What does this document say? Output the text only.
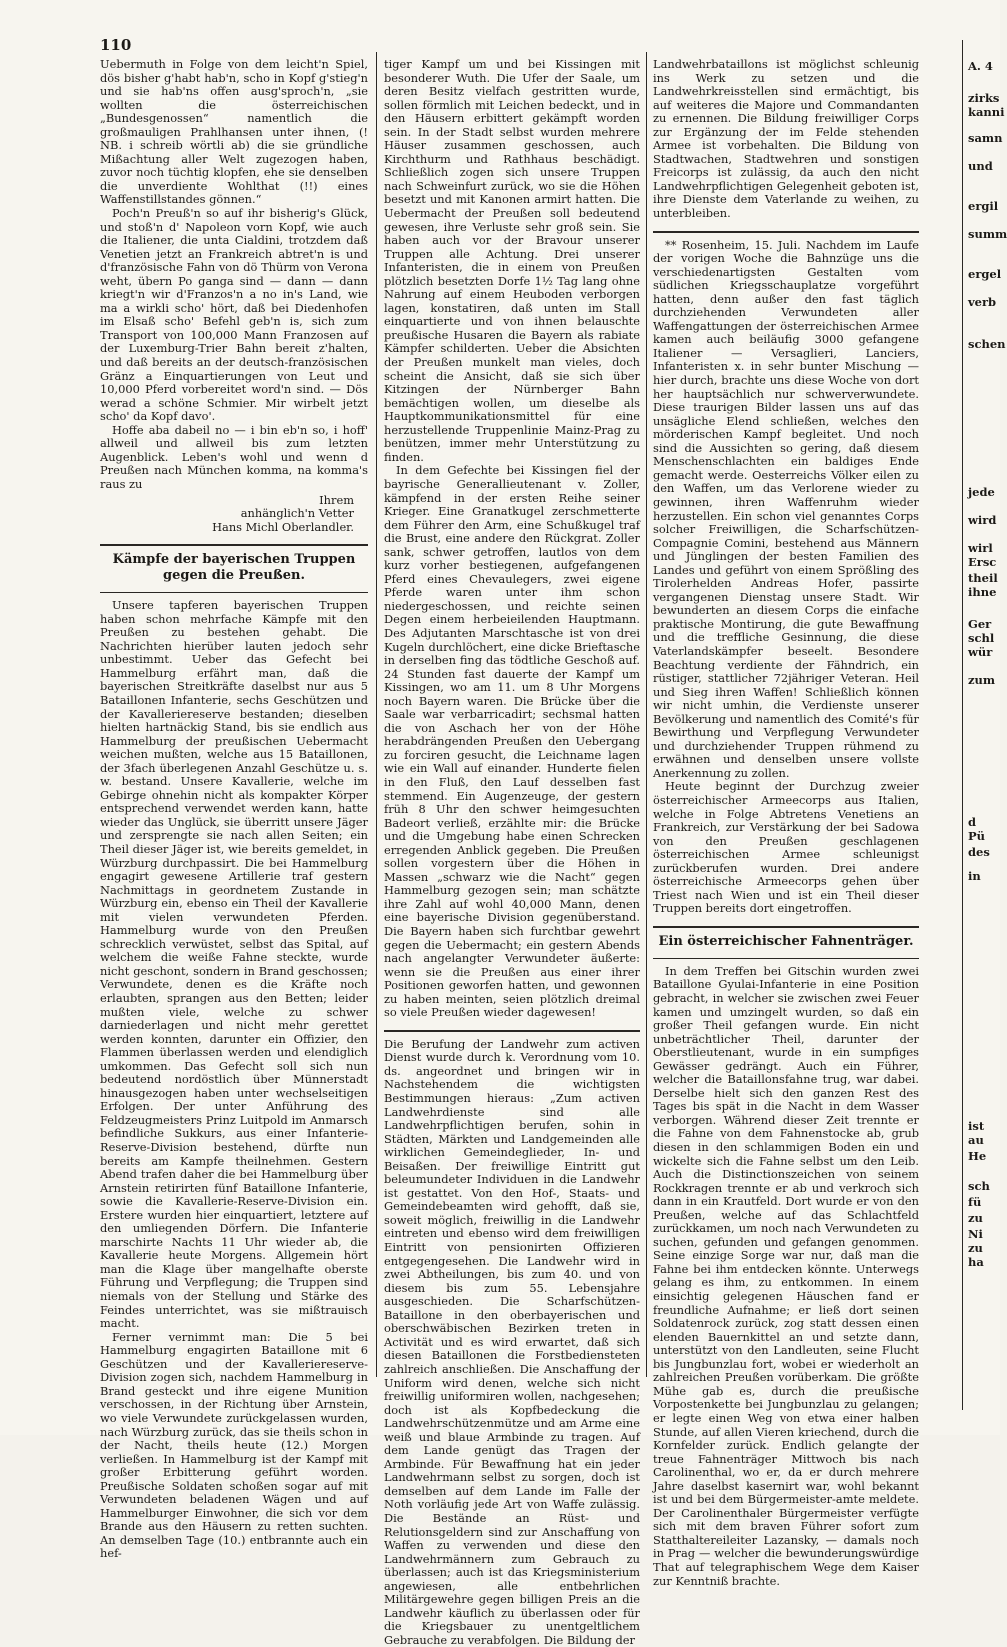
110

Uebermuth in Folge von dem leicht'n Spiel, dös bisher g'habt hab'n, scho in Kopf g'stieg'n und sie hab'ns offen ausg'sproch'n, „sie wollten die österreichischen „Bundesgenossen“ namentlich die großmauligen Prahlhansen unter ihnen, (! NB. i schreib wörtli ab) die sie gründliche Mißachtung aller Welt zugezogen haben, zuvor noch tüchtig klopfen, ehe sie denselben die unverdiente Wohlthat (!!) eines Waffenstillstandes gönnen.“

Poch'n Preuß'n so auf ihr bisherig's Glück, und stoß'n d' Napoleon vorn Kopf, wie auch die Italiener, die unta Cialdini, trotzdem daß Venetien jetzt an Frankreich abtret'n is und d'französische Fahn von dö Thürm von Verona weht, übern Po ganga sind — dann — dann kriegt'n wir d'Franzos'n a no in's Land, wie ma a wirkli scho' hört, daß bei Diedenhofen im Elsaß scho' Befehl geb'n is, sich zum Transport von 100,000 Mann Franzosen auf der Luxemburg-Trier Bahn bereit z'halten, und daß bereits an der deutsch-französischen Gränz a Einquartierungen von Leut und 10,000 Pferd vorbereitet word'n sind. — Dös werad a schöne Schmier. Mir wirbelt jetzt scho' da Kopf davo'.

Hoffe aba dabeil no — i bin eb'n so, i hoff' allweil und allweil bis zum letzten Augenblick. Leben's wohl und wenn d Preußen nach München komma, na komma's raus zu

Ihrem
anhänglich'n Vetter
Hans Michl Oberlandler.
Kämpfe der bayerischen Truppen gegen die Preußen.

Unsere tapferen bayerischen Truppen haben schon mehrfache Kämpfe mit den Preußen zu bestehen gehabt. Die Nachrichten hierüber lauten jedoch sehr unbestimmt. Ueber das Gefecht bei Hammelburg erfährt man, daß die bayerischen Streitkräfte daselbst nur aus 5 Bataillonen Infanterie, sechs Geschützen und der Kavalleriereserve bestanden; dieselben hielten hartnäckig Stand, bis sie endlich aus Hammelburg der preußischen Uebermacht weichen mußten, welche aus 15 Bataillonen, der 3fach überlegenen Anzahl Geschütze u. s. w. bestand. Unsere Kavallerie, welche im Gebirge ohnehin nicht als kompakter Körper entsprechend verwendet werden kann, hatte wieder das Unglück, sie überritt unsere Jäger und zersprengte sie nach allen Seiten; ein Theil dieser Jäger ist, wie bereits gemeldet, in Würzburg durchpassirt. Die bei Hammelburg engagirt gewesene Artillerie traf gestern Nachmittags in geordnetem Zustande in Würzburg ein, ebenso ein Theil der Kavallerie mit vielen verwundeten Pferden. Hammelburg wurde von den Preußen schrecklich verwüstet, selbst das Spital, auf welchem die weiße Fahne steckte, wurde nicht geschont, sondern in Brand geschossen; Verwundete, denen es die Kräfte noch erlaubten, sprangen aus den Betten; leider mußten viele, welche zu schwer darniederlagen und nicht mehr gerettet werden konnten, darunter ein Offizier, den Flammen überlassen werden und elendiglich umkommen. Das Gefecht soll sich nun bedeutend nordöstlich über Münnerstadt hinausgezogen haben unter wechselseitigen Erfolgen. Der unter Anführung des Feldzeugmeisters Prinz Luitpold im Anmarsch befindliche Sukkurs, aus einer Infanterie-Reserve-Division bestehend, dürfte nun bereits am Kampfe theilnehmen. Gestern Abend trafen daher die bei Hammelburg über Arnstein retirirten fünf Bataillone Infanterie, sowie die Kavallerie-Reserve-Division ein. Erstere wurden hier einquartiert, letztere auf den umliegenden Dörfern. Die Infanterie marschirte Nachts 11 Uhr wieder ab, die Kavallerie heute Morgens. Allgemein hört man die Klage über mangelhafte oberste Führung und Verpflegung; die Truppen sind niemals von der Stellung und Stärke des Feindes unterrichtet, was sie mißtrauisch macht.

Ferner vernimmt man: Die 5 bei Hammelburg engagirten Bataillone mit 6 Geschützen und der Kavalleriereserve-Division zogen sich, nachdem Hammelburg in Brand gesteckt und ihre eigene Munition verschossen, in der Richtung über Arnstein, wo viele Verwundete zurückgelassen wurden, nach Würzburg zurück, das sie theils schon in der Nacht, theils heute (12.) Morgen verließen. In Hammelburg ist der Kampf mit großer Erbitterung geführt worden. Preußische Soldaten schoßen sogar auf mit Verwundeten beladenen Wägen und auf Hammelburger Einwohner, die sich vor dem Brande aus den Häusern zu retten suchten. An demselben Tage (10.) entbrannte auch ein hef-

tiger Kampf um und bei Kissingen mit besonderer Wuth. Die Ufer der Saale, um deren Besitz vielfach gestritten wurde, sollen förmlich mit Leichen bedeckt, und in den Häusern erbittert gekämpft worden sein. In der Stadt selbst wurden mehrere Häuser zusammen geschossen, auch Kirchthurm und Rathhaus beschädigt. Schließlich zogen sich unsere Truppen nach Schweinfurt zurück, wo sie die Höhen besetzt und mit Kanonen armirt hatten. Die Uebermacht der Preußen soll bedeutend gewesen, ihre Verluste sehr groß sein. Sie haben auch vor der Bravour unserer Truppen alle Achtung. Drei unserer Infanteristen, die in einem von Preußen plötzlich besetzten Dorfe 1½ Tag lang ohne Nahrung auf einem Heuboden verborgen lagen, konstatiren, daß unten im Stall einquartierte und von ihnen belauschte preußische Husaren die Bayern als rabiate Kämpfer schilderten. Ueber die Absichten der Preußen munkelt man vieles, doch scheint die Ansicht, daß sie sich über Kitzingen der Nürnberger Bahn bemächtigen wollen, um dieselbe als Hauptkommunikationsmittel für eine herzustellende Truppenlinie Mainz-Prag zu benützen, immer mehr Unterstützung zu finden.

In dem Gefechte bei Kissingen fiel der bayrische Generallieutenant v. Zoller, kämpfend in der ersten Reihe seiner Krieger. Eine Granatkugel zerschmetterte dem Führer den Arm, eine Schußkugel traf die Brust, eine andere den Rückgrat. Zoller sank, schwer getroffen, lautlos von dem kurz vorher bestiegenen, aufgefangenen Pferd eines Chevaulegers, zwei eigene Pferde waren unter ihm schon niedergeschossen, und reichte seinen Degen einem herbeieilenden Hauptmann. Des Adjutanten Marschtasche ist von drei Kugeln durchlöchert, eine dicke Brieftasche in derselben fing das tödtliche Geschoß auf. 24 Stunden fast dauerte der Kampf um Kissingen, wo am 11. um 8 Uhr Morgens noch Bayern waren. Die Brücke über die Saale war verbarricadirt; sechsmal hatten die von Aschach her von der Höhe herabdrängenden Preußen den Uebergang zu forciren gesucht, die Leichname lagen wie ein Wall auf einander. Hunderte fielen in den Fluß, den Lauf desselben fast stemmend. Ein Augenzeuge, der gestern früh 8 Uhr den schwer heimgesuchten Badeort verließ, erzählte mir: die Brücke und die Umgebung habe einen Schrecken erregenden Anblick gegeben. Die Preußen sollen vorgestern über die Höhen in Massen „schwarz wie die Nacht“ gegen Hammelburg gezogen sein; man schätzte ihre Zahl auf wohl 40,000 Mann, denen eine bayerische Division gegenüberstand. Die Bayern haben sich furchtbar gewehrt gegen die Uebermacht; ein gestern Abends nach angelangter Verwundeter äußerte: wenn sie die Preußen aus einer ihrer Positionen geworfen hatten, und gewonnen zu haben meinten, seien plötzlich dreimal so viele Preußen wieder dagewesen!

Die Berufung der Landwehr zum activen Dienst wurde durch k. Verordnung vom 10. ds. angeordnet und bringen wir in Nachstehendem die wichtigsten Bestimmungen hieraus: „Zum activen Landwehrdienste sind alle Landwehrpflichtigen berufen, sohin in Städten, Märkten und Landgemeinden alle wirklichen Gemeindeglieder, In- und Beisaßen. Der freiwillige Eintritt gut beleumundeter Individuen in die Landwehr ist gestattet. Von den Hof-, Staats- und Gemeindebeamten wird gehofft, daß sie, soweit möglich, freiwillig in die Landwehr eintreten und ebenso wird dem freiwilligen Eintritt von pensionirten Offizieren entgegengesehen. Die Landwehr wird in zwei Abtheilungen, bis zum 40. und von diesem bis zum 55. Lebensjahre ausgeschieden. Die Scharfschützen-Bataillone in den oberbayerischen und oberschwäbischen Bezirken treten in Activität und es wird erwartet, daß sich diesen Bataillonen die Forstbediensteten zahlreich anschließen. Die Anschaffung der Uniform wird denen, welche sich nicht freiwillig uniformiren wollen, nachgesehen; doch ist als Kopfbedeckung die Landwehrschützenmütze und am Arme eine weiß und blaue Armbinde zu tragen. Auf dem Lande genügt das Tragen der Armbinde. Für Bewaffnung hat ein jeder Landwehrmann selbst zu sorgen, doch ist demselben auf dem Lande im Falle der Noth vorläufig jede Art von Waffe zulässig. Die Bestände an Rüst- und Relutionsgeldern sind zur Anschaffung von Waffen zu verwenden und diese den Landwehrmännern zum Gebrauch zu überlassen; auch ist das Kriegsministerium angewiesen, alle entbehrlichen Militärgewehre gegen billigen Preis an die Landwehr käuflich zu überlassen oder für die Kriegsbauer zu unentgeltlichem Gebrauche zu verabfolgen. Die Bildung der

Landwehrbataillons ist möglichst schleunig ins Werk zu setzen und die Landwehrkreisstellen sind ermächtigt, bis auf weiteres die Majore und Commandanten zu ernennen. Die Bildung freiwilliger Corps zur Ergänzung der im Felde stehenden Armee ist vorbehalten. Die Bildung von Stadtwachen, Stadtwehren und sonstigen Freicorps ist zulässig, da auch den nicht Landwehrpflichtigen Gelegenheit geboten ist, ihre Dienste dem Vaterlande zu weihen, zu unterbleiben.

** Rosenheim, 15. Juli. Nachdem im Laufe der vorigen Woche die Bahnzüge uns die verschiedenartigsten Gestalten vom südlichen Kriegsschauplatze vorgeführt hatten, denn außer den fast täglich durchziehenden Verwundeten aller Waffengattungen der österreichischen Armee kamen auch beiläufig 3000 gefangene Italiener — Versaglieri, Lanciers, Infanteristen x. in sehr bunter Mischung — hier durch, brachte uns diese Woche von dort her hauptsächlich nur schwerverwundete. Diese traurigen Bilder lassen uns auf das unsägliche Elend schließen, welches den mörderischen Kampf begleitet. Und noch sind die Aussichten so gering, daß diesem Menschenschlachten ein baldiges Ende gemacht werde. Oesterreichs Völker eilen zu den Waffen, um das Verlorene wieder zu gewinnen, ihren Waffenruhm wieder herzustellen. Ein schon viel genanntes Corps solcher Freiwilligen, die Scharfschützen-Compagnie Comini, bestehend aus Männern und Jünglingen der besten Familien des Landes und geführt von einem Sprößling des Tirolerhelden Andreas Hofer, passirte vergangenen Dienstag unsere Stadt. Wir bewunderten an diesem Corps die einfache praktische Montirung, die gute Bewaffnung und die treffliche Gesinnung, die diese Vaterlandskämpfer beseelt. Besondere Beachtung verdiente der Fähndrich, ein rüstiger, stattlicher 72jähriger Veteran. Heil und Sieg ihren Waffen! Schließlich können wir nicht umhin, die Verdienste unserer Bevölkerung und namentlich des Comité's für Bewirthung und Verpflegung Verwundeter und durchziehender Truppen rühmend zu erwähnen und denselben unsere vollste Anerkennung zu zollen.

Heute beginnt der Durchzug zweier österreichischer Armeecorps aus Italien, welche in Folge Abtretens Venetiens an Frankreich, zur Verstärkung der bei Sadowa von den Preußen geschlagenen österreichischen Armee schleunigst zurückberufen wurden. Drei andere österreichische Armeecorps gehen über Triest nach Wien und ist ein Theil dieser Truppen bereits dort eingetroffen.

Ein österreichischer Fahnenträger.

In dem Treffen bei Gitschin wurden zwei Bataillone Gyulai-Infanterie in eine Position gebracht, in welcher sie zwischen zwei Feuer kamen und umzingelt wurden, so daß ein großer Theil gefangen wurde. Ein nicht unbeträchtlicher Theil, darunter der Oberstlieutenant, wurde in ein sumpfiges Gewässer gedrängt. Auch ein Führer, welcher die Bataillonsfahne trug, war dabei. Derselbe hielt sich den ganzen Rest des Tages bis spät in die Nacht in dem Wasser verborgen. Während dieser Zeit trennte er die Fahne von dem Fahnenstocke ab, grub diesen in den schlammigen Boden ein und wickelte sich die Fahne selbst um den Leib. Auch die Distinctionszeichen von seinem Rockkragen trennte er ab und verkroch sich dann in ein Krautfeld. Dort wurde er von den Preußen, welche auf das Schlachtfeld zurückkamen, um noch nach Verwundeten zu suchen, gefunden und gefangen genommen. Seine einzige Sorge war nur, daß man die Fahne bei ihm entdecken könnte. Unterwegs gelang es ihm, zu entkommen. In einem einsichtig gelegenen Häuschen fand er freundliche Aufnahme; er ließ dort seinen Soldatenrock zurück, zog statt dessen einen elenden Bauernkittel an und setzte dann, unterstützt von den Landleuten, seine Flucht bis Jungbunzlau fort, wobei er wiederholt an zahlreichen Preußen vorüberkam. Die größte Mühe gab es, durch die preußische Vorpostenkette bei Jungbunzlau zu gelangen; er legte einen Weg von etwa einer halben Stunde, auf allen Vieren kriechend, durch die Kornfelder zurück. Endlich gelangte der treue Fahnenträger Mittwoch bis nach Carolinenthal, wo er, da er durch mehrere Jahre daselbst kasernirt war, wohl bekannt ist und bei dem Bürgermeister-amte meldete. Der Carolinenthaler Bürgermeister verfügte sich mit dem braven Führer sofort zum Statthaltereileiter Lazansky, — damals noch in Prag — welcher die bewunderungswürdige That auf telegraphischem Wege dem Kaiser zur Kenntniß brachte.

A. 4
zirks
kanni
samn
und
ergil
summ
ergel
verb
schen
jede
wird
wirl
Ersc
theil
ihne
Ger
schl
wür
zum
d
Pü
des
in
ist
au
He
sch
fü
zu
Ni
zu
ha
